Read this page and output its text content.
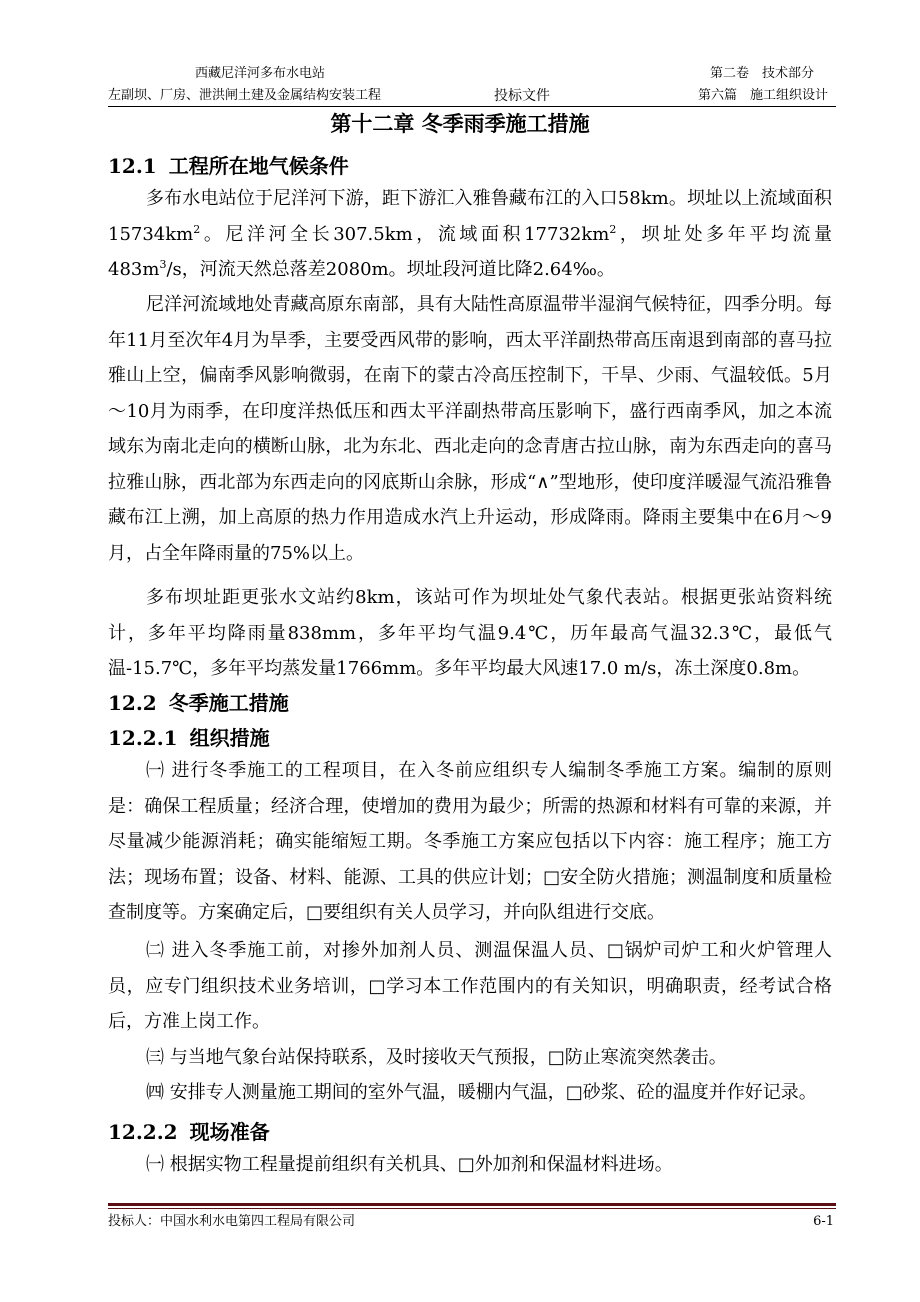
西藏尼洋河多布水电站
左副坝、厂房、泄洪闸土建及金属结构安装工程	投标文件
第二卷　技术部分
第六篇　施工组织设计
第十二章 冬季雨季施工措施
12.1 工程所在地气候条件

多布水电站位于尼洋河下游，距下游汇入雅鲁藏布江的入口58km。坝址以上流域面积$15734km^2$。尼洋河全长307.5km，流域面积$17732km^2$，坝址处多年平均流量$483m^3/s$，河流天然总落差2080m。坝址段河道比降2.64‰。

尼洋河流域地处青藏高原东南部，具有大陆性高原温带半湿润气候特征，四季分明。每年11月至次年4月为旱季，主要受西风带的影响，西太平洋副热带高压南退到南部的喜马拉雅山上空，偏南季风影响微弱，在南下的蒙古冷高压控制下，干旱、少雨、气温较低。5月～10月为雨季，在印度洋热低压和西太平洋副热带高压影响下，盛行西南季风，加之本流域东为南北走向的横断山脉，北为东北、西北走向的念青唐古拉山脉，南为东西走向的喜马拉雅山脉，西北部为东西走向的冈底斯山余脉，形成“∧”型地形，使印度洋暖湿气流沿雅鲁藏布江上溯，加上高原的热力作用造成水汽上升运动，形成降雨。降雨主要集中在6月～9月，占全年降雨量的75%以上。

多布坝址距更张水文站约8km，该站可作为坝址处气象代表站。根据更张站资料统计，多年平均降雨量838mm，多年平均气温9.4℃，历年最高气温32.3℃，最低气温-15.7℃，多年平均蒸发量1766mm。多年平均最大风速17.0 m/s，冻土深度0.8m。

12.2 冬季施工措施
12.2.1 组织措施

㈠ 进行冬季施工的工程项目，在入冬前应组织专人编制冬季施工方案。编制的原则是：确保工程质量；经济合理，使增加的费用为最少；所需的热源和材料有可靠的来源，并尽量减少能源消耗；确实能缩短工期。冬季施工方案应包括以下内容：施工程序；施工方法；现场布置；设备、材料、能源、工具的供应计划；□安全防火措施；测温制度和质量检查制度等。方案确定后，□要组织有关人员学习，并向队组进行交底。

㈡ 进入冬季施工前，对掺外加剂人员、测温保温人员、□锅炉司炉工和火炉管理人员，应专门组织技术业务培训，□学习本工作范围内的有关知识，明确职责，经考试合格后，方准上岗工作。

㈢ 与当地气象台站保持联系，及时接收天气预报，□防止寒流突然袭击。

㈣ 安排专人测量施工期间的室外气温，暖棚内气温，□砂浆、砼的温度并作好记录。

12.2.2 现场准备

㈠ 根据实物工程量提前组织有关机具、□外加剂和保温材料进场。

投标人：中国水利水电第四工程局有限公司	6-1
